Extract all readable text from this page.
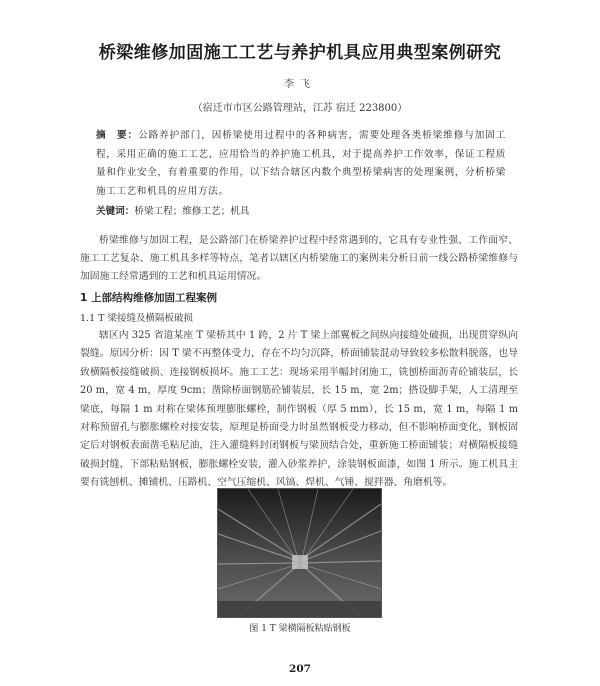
桥梁维修加固施工工艺与养护机具应用典型案例研究
李飞
（宿迁市市区公路管理站，江苏 宿迁 223800）
摘　要：公路养护部门，因桥梁使用过程中的各种病害，需要处理各类桥梁维修与加固工程，采用正确的施工工艺，应用恰当的养护施工机具，对于提高养护工作效率，保证工程质量和作业安全，有着重要的作用，以下结合辖区内数个典型桥梁病害的处理案例，分析桥梁施工工艺和机具的应用方法。
关键词：桥梁工程；维修工艺；机具
桥梁维修与加固工程，是公路部门在桥梁养护过程中经常遇到的，它具有专业性强、工作面窄、施工工艺复杂、施工机具多样等特点，笔者以辖区内桥梁施工的案例来分析日前一线公路桥梁维修与加固施工经常遇到的工艺和机具运用情况。
1 上部结构维修加固工程案例
1.1 T 梁接缝及横隔板破损
辖区内 325 省道某座 T 梁桥其中 1 跨，2 片 T 梁上部翼板之间纵向接缝处破损，出现贯穿纵向裂缝。原因分析：因 T 梁不再整体受力，存在不均匀沉降，桥面铺装混动导致较多松散料脱落，也导致横隔板接缝破损、连接钢板损坏。施工工艺：现场采用半幅封闭施工，铣刨桥面沥青砼铺装层，长 20 m，宽 4 m，厚度 9cm；凿除桥面钢筋砼铺装层，长 15 m，宽 2m；搭设脚手架，人工清理至梁底，每隔 1 m 对称在梁体预埋膨胀螺栓，制作钢板（厚 5 mm），长 15 m，宽 1 m，每隔 1 m 对称预留孔与膨胀螺栓对接安装，原理是桥面受力时虽然钢板受力移动，但不影响桥面变化，钢板固定后对钢板表面凿毛粘尼油，注入灌缝料封闭钢板与梁顶结合处，重新施工桥面铺装；对横隔板接缝破损封缝，下部粘贴钢板，膨胀螺栓安装，灌入砂浆养护，涂装钢板面漆，如图 1 所示。施工机具主要有铣刨机、摊铺机、压路机、空气压缩机、风镐、焊机、气锤、搅拌器、角磨机等。
图 1 T 梁横隔板粘贴钢板
207
